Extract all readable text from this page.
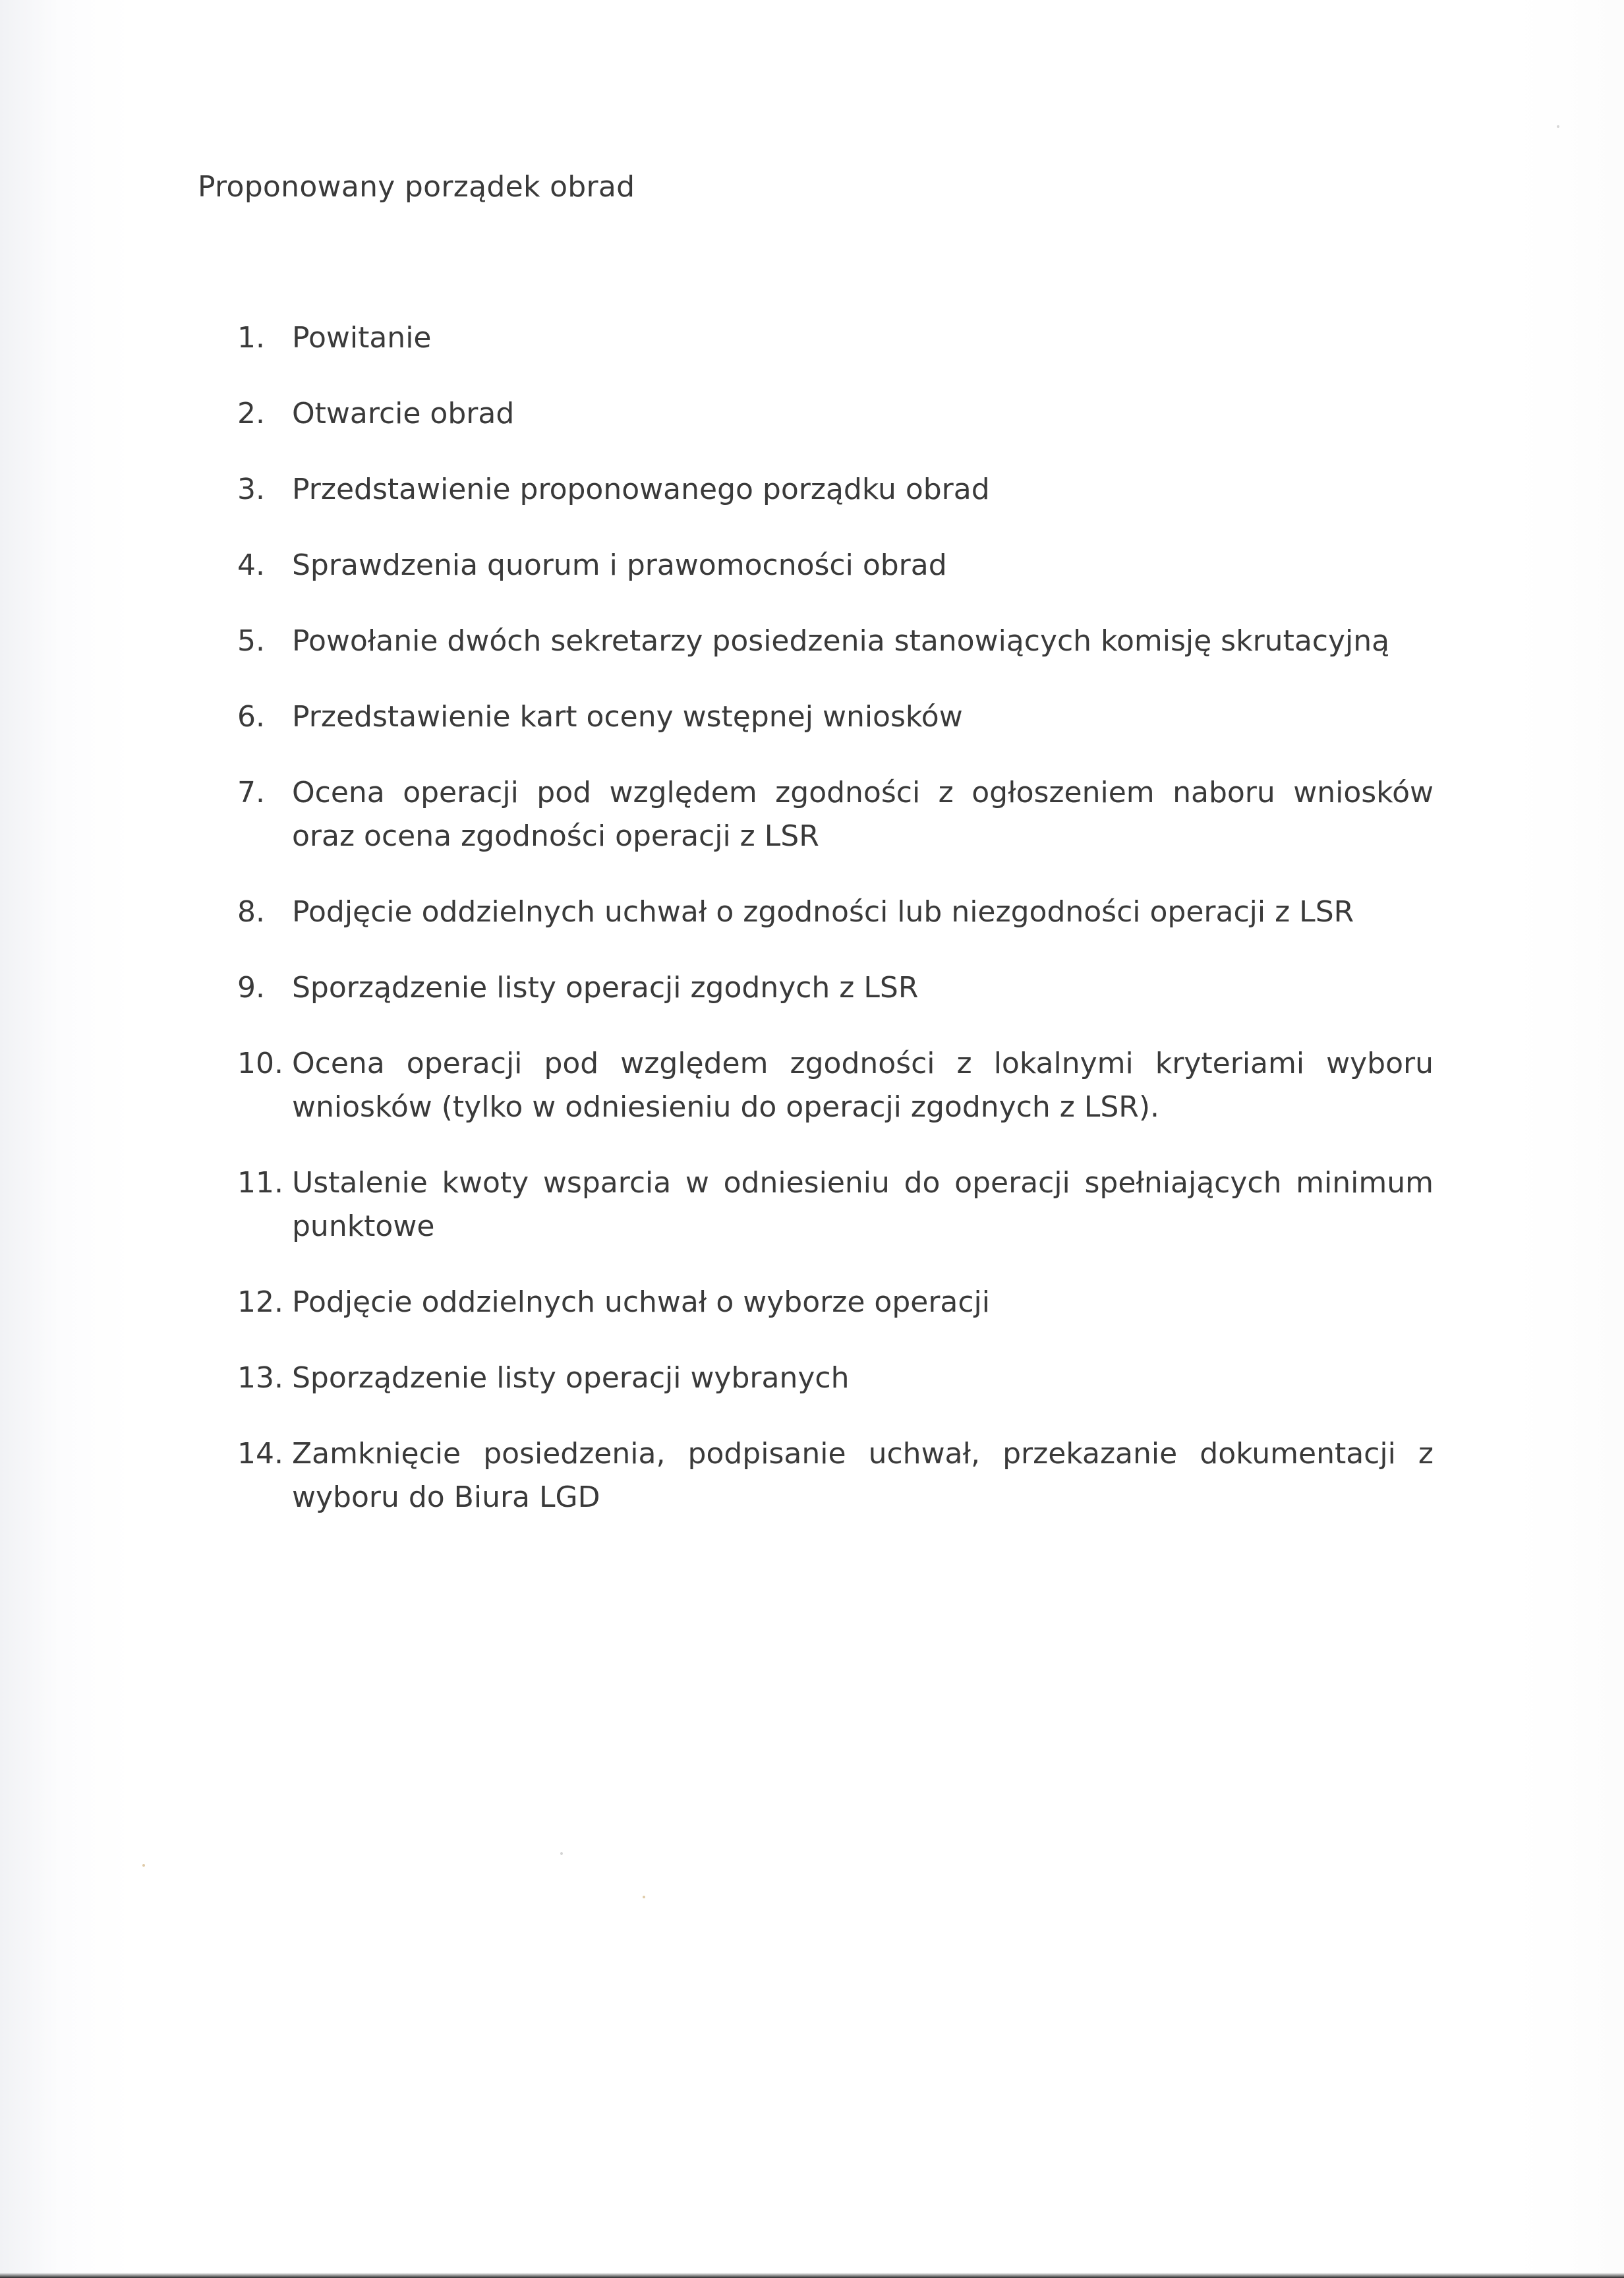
Proponowany porządek obrad
1. Powitanie
2. Otwarcie obrad
3. Przedstawienie proponowanego porządku obrad
4. Sprawdzenia quorum i prawomocności obrad
5. Powołanie dwóch sekretarzy posiedzenia stanowiących komisję skrutacyjną
6. Przedstawienie kart oceny wstępnej wniosków
7. Ocena operacji pod względem zgodności z ogłoszeniem naboru wniosków oraz ocena zgodności operacji z LSR
8. Podjęcie oddzielnych uchwał o zgodności lub niezgodności operacji z LSR
9. Sporządzenie listy operacji zgodnych z LSR
10. Ocena operacji pod względem zgodności z lokalnymi kryteriami wyboru wniosków (tylko w odniesieniu do operacji zgodnych z LSR).
11. Ustalenie kwoty wsparcia w odniesieniu do operacji spełniających minimum punktowe
12. Podjęcie oddzielnych uchwał o wyborze operacji
13. Sporządzenie listy operacji wybranych
14. Zamknięcie posiedzenia, podpisanie uchwał, przekazanie dokumentacji z wyboru do Biura LGD
